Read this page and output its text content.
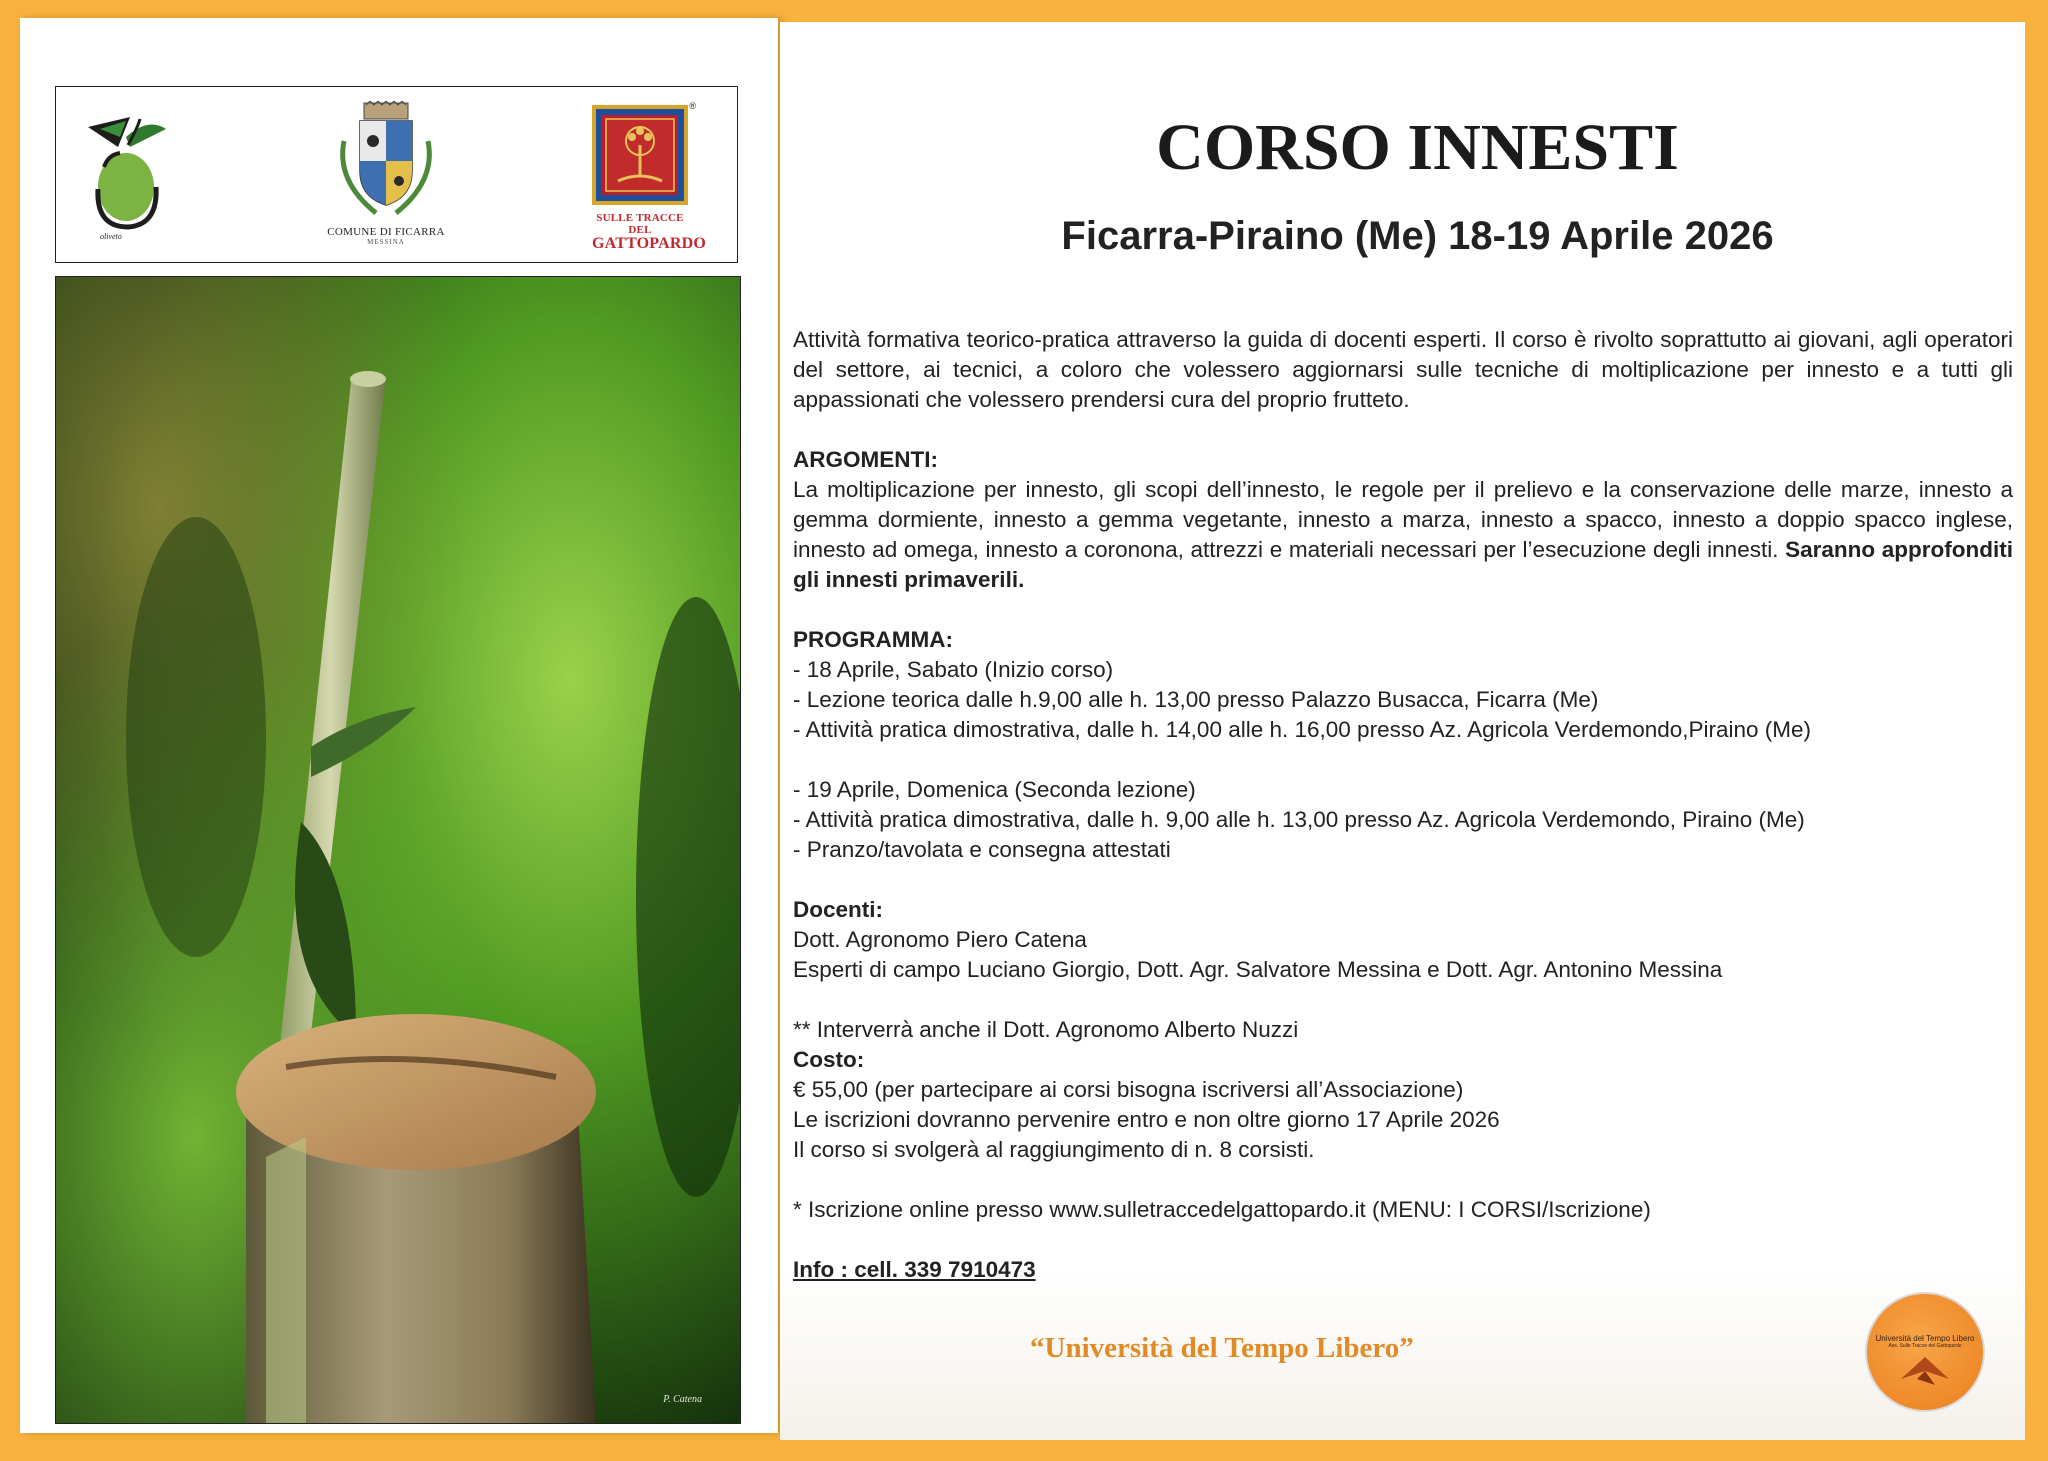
oliveto	COMUNE DI FICARRA
MESSINA
®
SULLE TRACCE DEL
GATTOPARDO
P. Catena
CORSO INNESTI
Ficarra-Piraino (Me) 18-19 Aprile 2026

Attività formativa teorico-pratica attraverso la guida di docenti esperti. Il corso è rivolto soprattutto ai giovani, agli operatori del settore, ai tecnici, a coloro che volessero aggiornarsi sulle tecniche di moltiplicazione per innesto e a tutti gli appassionati che volessero prendersi cura del proprio frutteto.

ARGOMENTI:

La moltiplicazione per innesto, gli scopi dell’innesto, le regole per il prelievo e la conservazione delle marze, innesto a gemma dormiente, innesto a gemma vegetante, innesto a marza, innesto a spacco, innesto a doppio spacco inglese, innesto ad omega, innesto a coronona, attrezzi e materiali necessari per l’esecuzione degli innesti. Saranno approfonditi gli innesti primaverili.

PROGRAMMA:

- 18 Aprile, Sabato (Inizio corso)

- Lezione teorica dalle h.9,00 alle h. 13,00 presso Palazzo Busacca, Ficarra (Me)

- Attività pratica dimostrativa, dalle h. 14,00 alle h. 16,00 presso Az. Agricola Verdemondo,Piraino (Me)

- 19 Aprile, Domenica (Seconda lezione)

- Attività pratica dimostrativa, dalle h. 9,00 alle h. 13,00 presso Az. Agricola Verdemondo, Piraino (Me)

- Pranzo/tavolata e consegna attestati

Docenti:

Dott. Agronomo Piero Catena

Esperti di campo Luciano Giorgio, Dott. Agr. Salvatore Messina e Dott. Agr. Antonino Messina

** Interverrà anche il Dott. Agronomo Alberto Nuzzi

Costo:

€ 55,00 (per partecipare ai corsi bisogna iscriversi all’Associazione)

Le iscrizioni dovranno pervenire entro e non oltre giorno 17 Aprile 2026

Il corso si svolgerà al raggiungimento di n. 8 corsisti.

* Iscrizione online presso www.sulletraccedelgattopardo.it (MENU: I CORSI/Iscrizione)

Info : cell. 339 7910473

“Università del Tempo Libero”	Università del Tempo Libero
Ass. Sulle Tracce del Gattopardo
